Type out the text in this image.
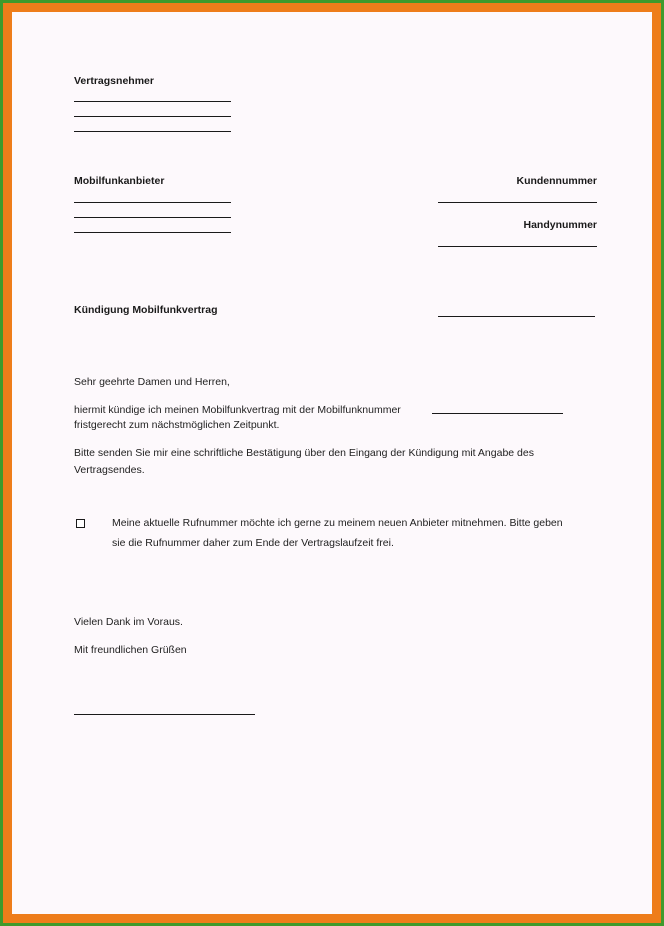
Vertragsnehmer
Mobilfunkanbieter	Kundennummer
Handynummer
Kündigung Mobilfunkvertrag
Sehr geehrte Damen und Herren,
hiermit kündige ich meinen Mobilfunkvertrag mit der Mobilfunknummer
fristgerecht zum nächstmöglichen Zeitpunkt.
Bitte senden Sie mir eine schriftliche Bestätigung über den Eingang der Kündigung mit Angabe des
Vertragsendes.
Meine aktuelle Rufnummer möchte ich gerne zu meinem neuen Anbieter mitnehmen. Bitte geben
sie die Rufnummer daher zum Ende der Vertragslaufzeit frei.
Vielen Dank im Voraus.
Mit freundlichen Grüßen
